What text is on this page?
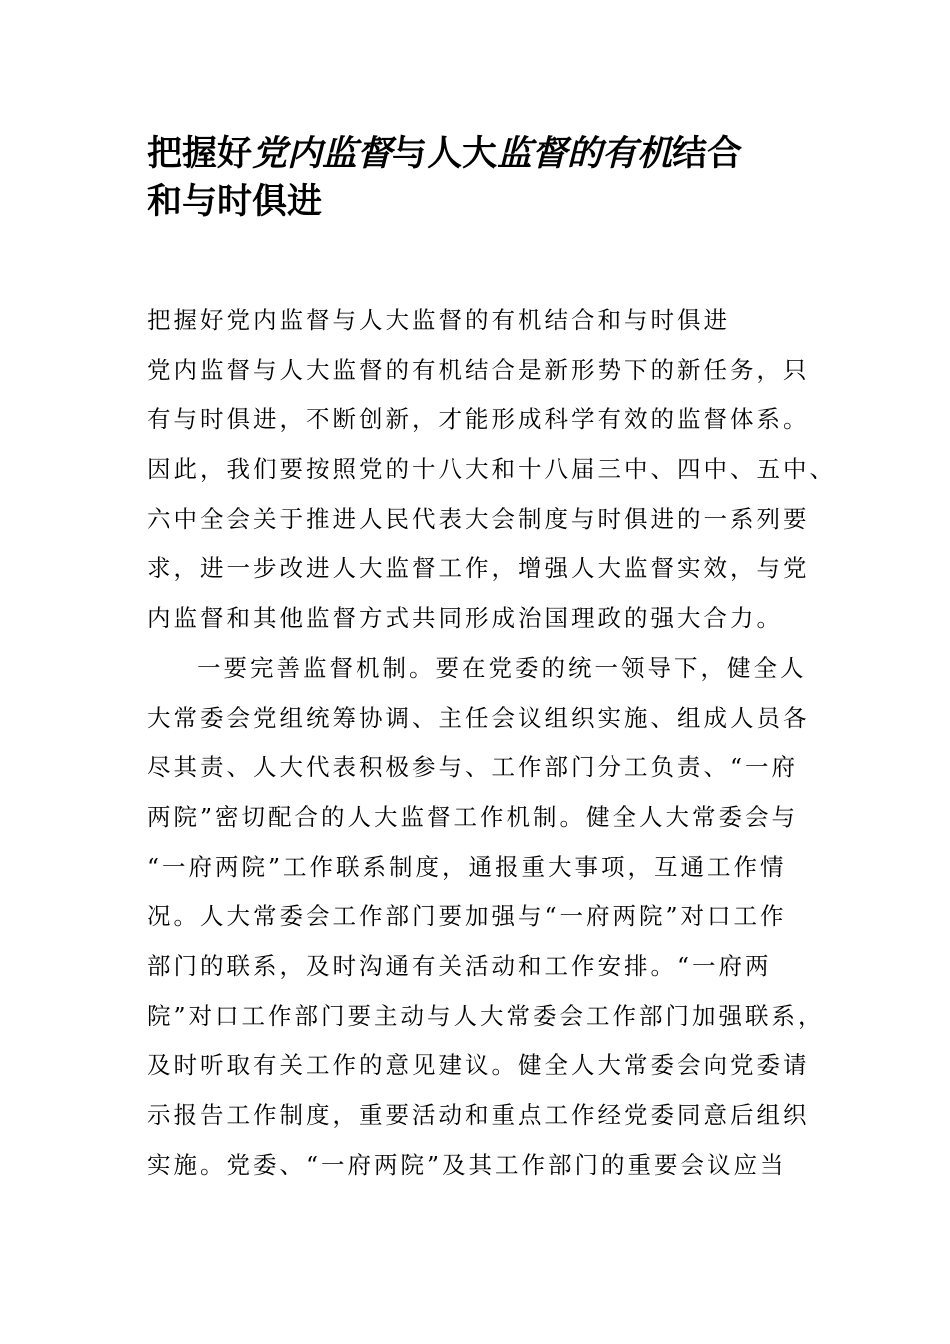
把握好党内监督与人大监督的有机结合
和与时俱进
把握好党内监督与人大监督的有机结合和与时俱进
党内监督与人大监督的有机结合是新形势下的新任务，只
有与时俱进，不断创新，才能形成科学有效的监督体系。
因此，我们要按照党的十八大和十八届三中、四中、五中、
六中全会关于推进人民代表大会制度与时俱进的一系列要
求，进一步改进人大监督工作，增强人大监督实效，与党
内监督和其他监督方式共同形成治国理政的强大合力。
一要完善监督机制。要在党委的统一领导下，健全人
大常委会党组统筹协调、主任会议组织实施、组成人员各
尽其责、人大代表积极参与、工作部门分工负责、“一府
两院”密切配合的人大监督工作机制。健全人大常委会与
“一府两院”工作联系制度，通报重大事项，互通工作情
况。人大常委会工作部门要加强与“一府两院”对口工作
部门的联系，及时沟通有关活动和工作安排。“一府两
院”对口工作部门要主动与人大常委会工作部门加强联系，
及时听取有关工作的意见建议。健全人大常委会向党委请
示报告工作制度，重要活动和重点工作经党委同意后组织
实施。党委、“一府两院”及其工作部门的重要会议应当
